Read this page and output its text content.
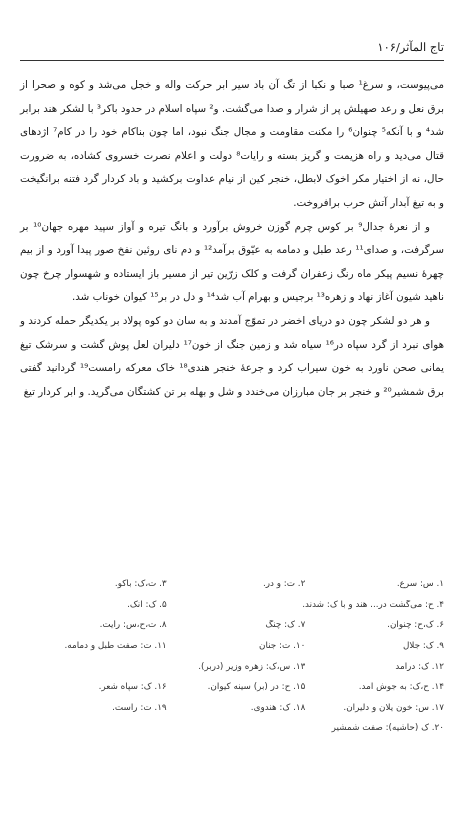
تاج المآثر/۱۰۶

می‌پیوست، و سرغ¹ صبا و نکبا از تگ آن باد سیر ابر حرکت واله و خجل می‌شد و کوه و صحرا از برق نعل و رعد صهیلش پر از شرار و صدا می‌گشت. و² سپاه اسلام در حدود باکر³ با لشکر هند برابر شد⁴ و با آنکه⁵ چنوان⁶ را مکنت مقاومت و مجال جنگ نبود، اما چون بناکام خود را در کام⁷ اژدهای قتال می‌دید و راه هزیمت و گریز بسته و رایات⁸ دولت و اعلام نصرت خسروی کشاده، به ضرورت حال، نه از اختیار مکر اخوک لابطل، خنجر کین از نیام عداوت برکشید و باد کردار گرد فتنه برانگیخت و به تیغ آبدار آتش حرب برافروخت.

و از نعرهٔ جدال⁹ بر کوس چرم گوزن خروش برآورد و بانگ تیره و آواز سپید مهره جهان¹⁰ بر سرگرفت، و صدای¹¹ رعد طبل و دمامه به عیّوق برآمد¹² و دم نای روئین نفخ صور پیدا آورد و از بیم چهرهٔ نسیم پیکر ماه رنگ زعفران گرفت و کلک زرّین تیر از مسیر باز ایستاده و شهسوار چرخ چون ناهید شیون آغاز نهاد و زهره¹³ برجیس و بهرام آب شد¹⁴ و دل در بر¹⁵ کیوان خوناب شد.

و هر دو لشکر چون دو دریای اخضر در تموّج آمدند و به سان دو کوه پولاد بر یکدیگر حمله کردند و هوای نبرد از گرد سپاه در¹⁶ سیاه شد و زمین جنگ از خون¹⁷ دلیران لعل پوش گشت و سرشک تیغ یمانی صحن ناورد به خون سیراب کرد و جرعهٔ خنجر هندی¹⁸ خاک معرکه رامست¹⁹ گردانید گفتی برق شمشیر²⁰ و خنجر بر جان مبارزان می‌خندد و شل و بهله بر تن کشتگان می‌گرید. و ابر کردار تیغ

۱. س: سرع.
۲. ت: و در.
۳. ت،ک: باکو.
۴. ح: می‌گشت در... هند و با ک: شدند.
۵. ک: آنک.
۶. ک،ح: چنوان.
۷. ک: چنگ
۸. ت،ح،س: رأیت.
۹. ک: جلال
۱۰. ت: جنان
۱۱. ت: صفت طبل و دمامه.
۱۲. ک: درآمد
۱۳. س،ک: زهره وزیر (دربر).
۱۴. ح،ک: به جوش آمد.
۱۵. ح: در (بر) سینه کیوان.
۱۶. ک: سپاه شعر.
۱۷. س: خون یلان و دلیران.
۱۸. ک: هندوی.
۱۹. ت: راست.
۲۰. ک (حاشیه): صفت شمشیر
